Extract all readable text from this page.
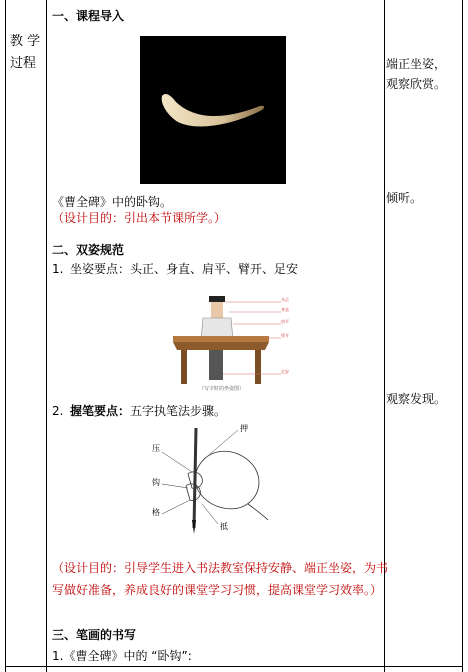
教 学
过程
一、课程导入
《曹全碑》中的卧钩。
（设计目的：引出本节课所学。）
二、双姿规范
1. 坐姿要点：头正、身直、肩平、臂开、足安
头正
身直
肩平
臂开
足安
（写字时的坐姿图）
2. 握笔要点：五字执笔法步骤。
压
钩
格
押
抵
（设计目的：引导学生进入书法教室保持安静、端正坐姿，为书
写做好准备，养成良好的课堂学习习惯，提高课堂学习效率。）
三、笔画的书写
1.《曹全碑》中的 “卧钩”:
端正坐姿，
观察欣赏。
倾听。
观察发现。
